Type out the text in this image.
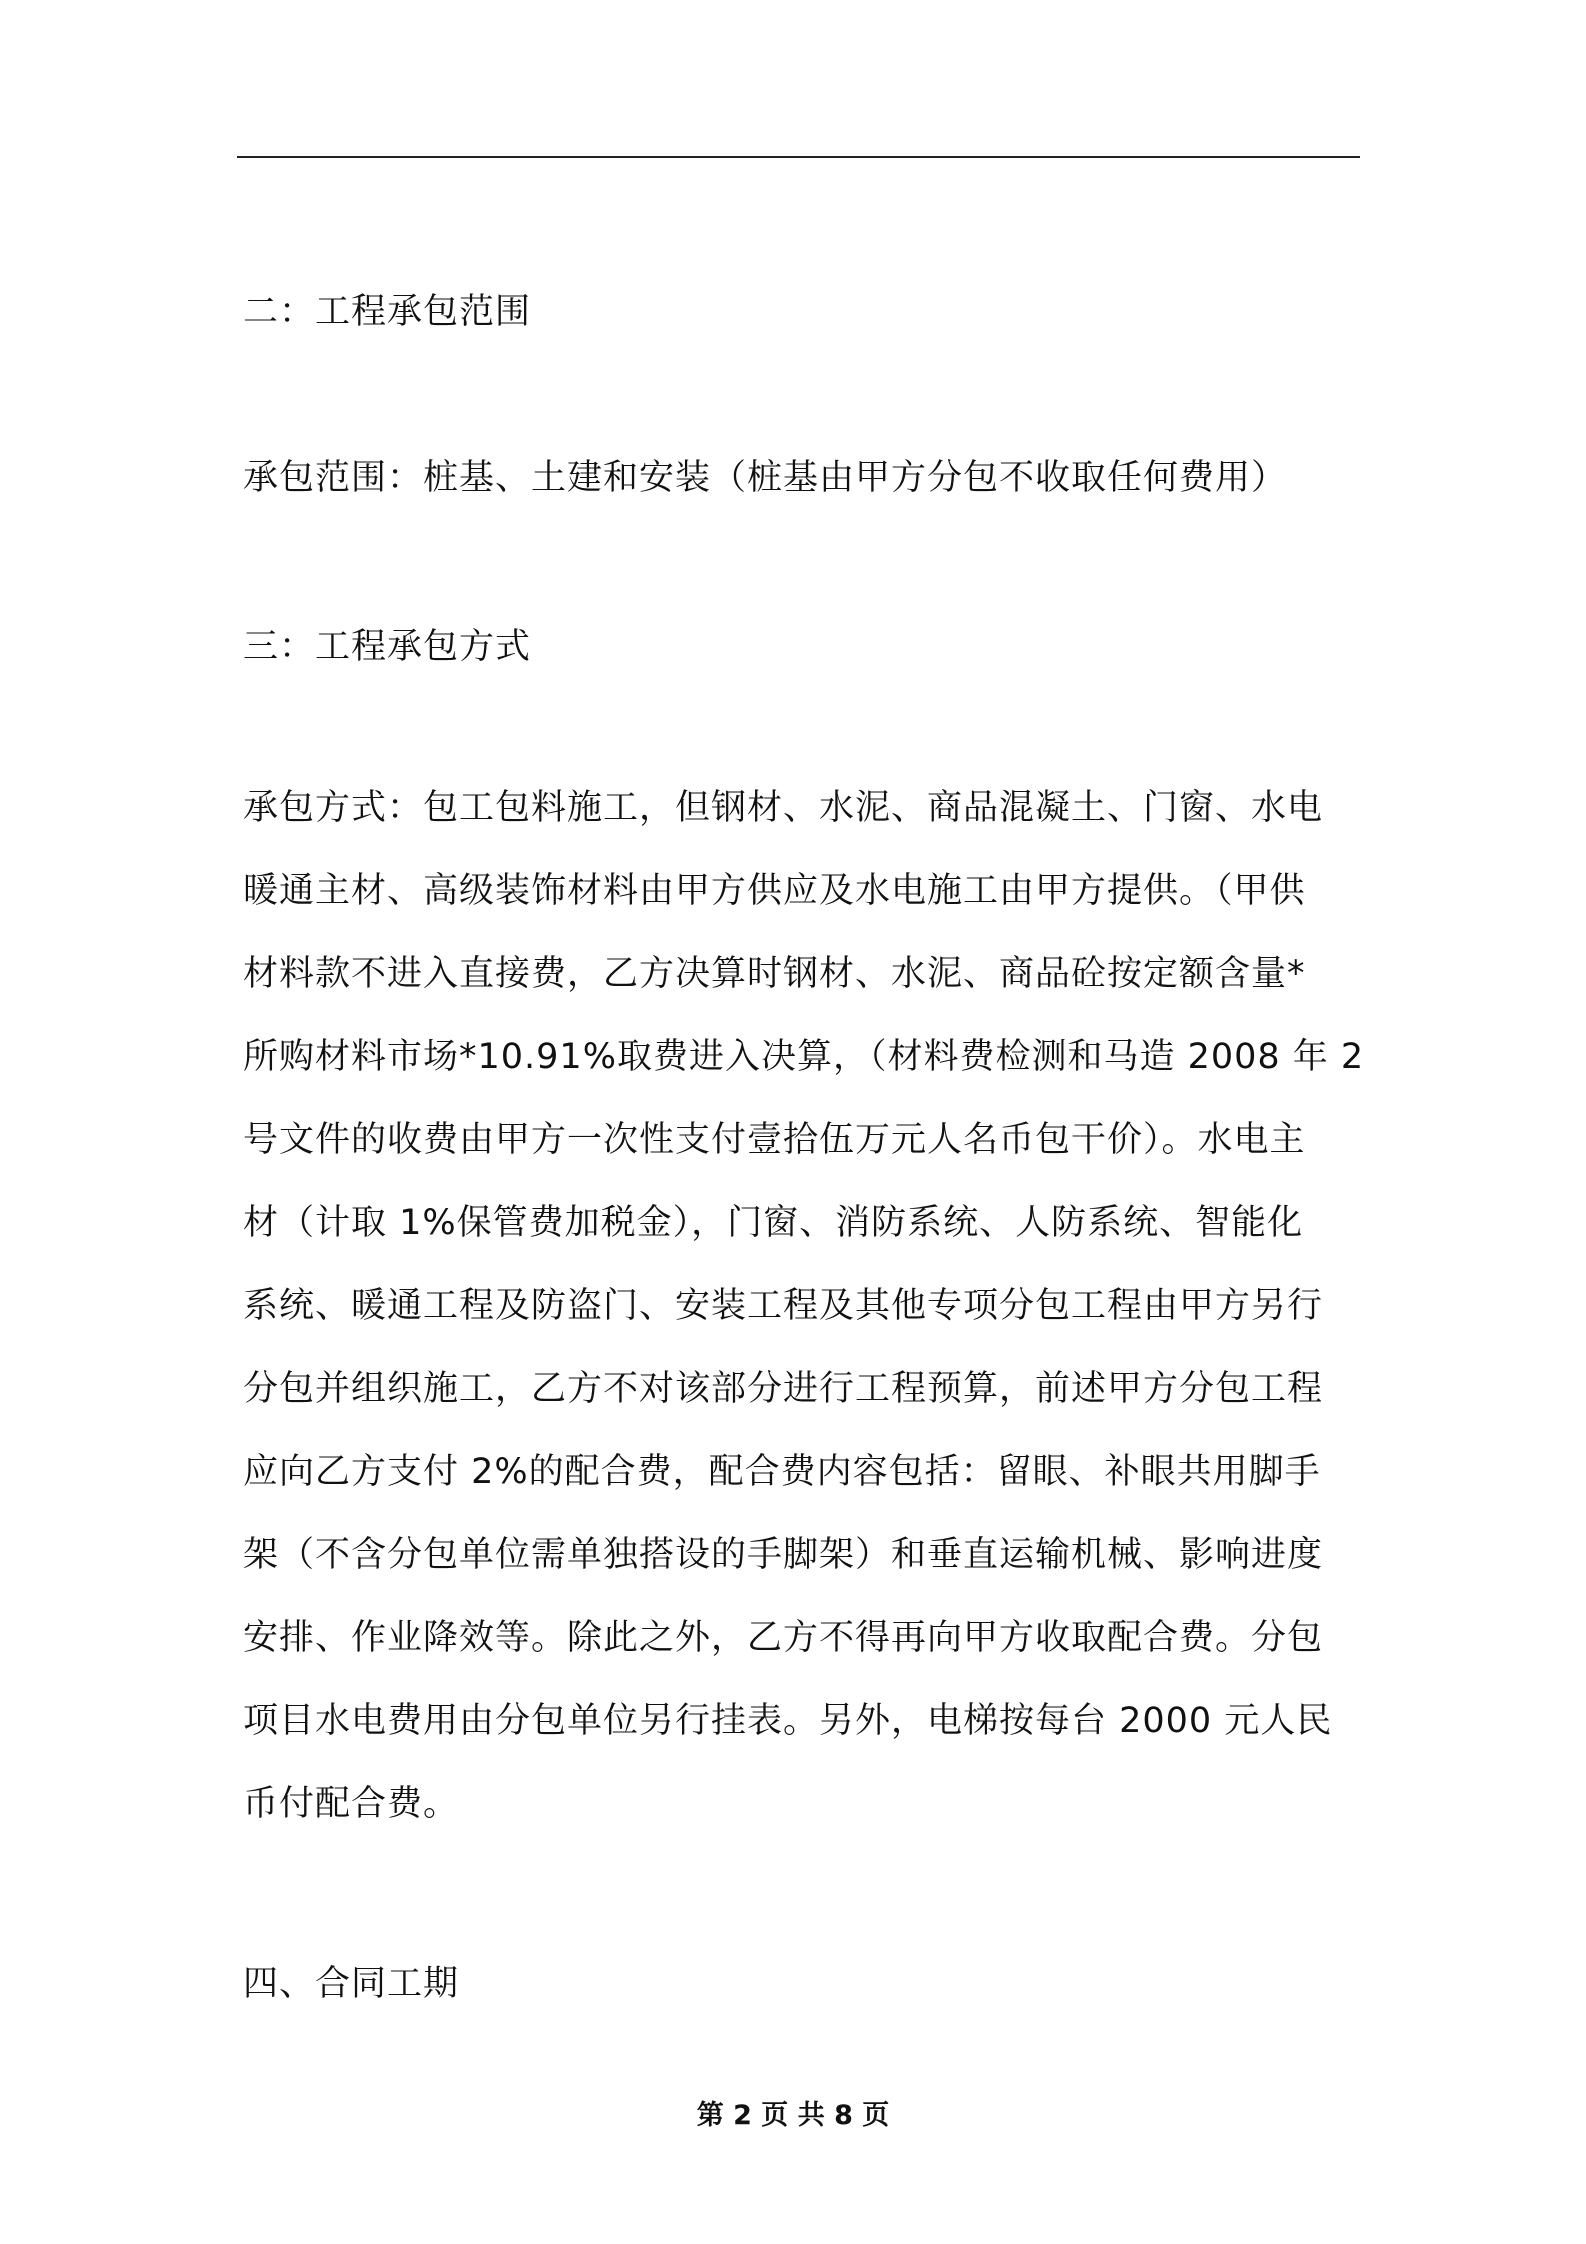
二：工程承包范围
承包范围：桩基、土建和安装（桩基由甲方分包不收取任何费用）
三：工程承包方式
承包方式：包工包料施工，但钢材、水泥、商品混凝土、门窗、水电
暖通主材、高级装饰材料由甲方供应及水电施工由甲方提供。（甲供
材料款不进入直接费，乙方决算时钢材、水泥、商品砼按定额含量*
所购材料市场*10.91%取费进入决算，（材料费检测和马造 2008 年 2
号文件的收费由甲方一次性支付壹拾伍万元人名币包干价）。水电主
材（计取 1%保管费加税金），门窗、消防系统、人防系统、智能化
系统、暖通工程及防盗门、安装工程及其他专项分包工程由甲方另行
分包并组织施工，乙方不对该部分进行工程预算，前述甲方分包工程
应向乙方支付 2%的配合费，配合费内容包括：留眼、补眼共用脚手
架（不含分包单位需单独搭设的手脚架）和垂直运输机械、影响进度
安排、作业降效等。除此之外，乙方不得再向甲方收取配合费。分包
项目水电费用由分包单位另行挂表。另外，电梯按每台 2000 元人民
币付配合费。
四、合同工期
第 2 页 共 8 页
